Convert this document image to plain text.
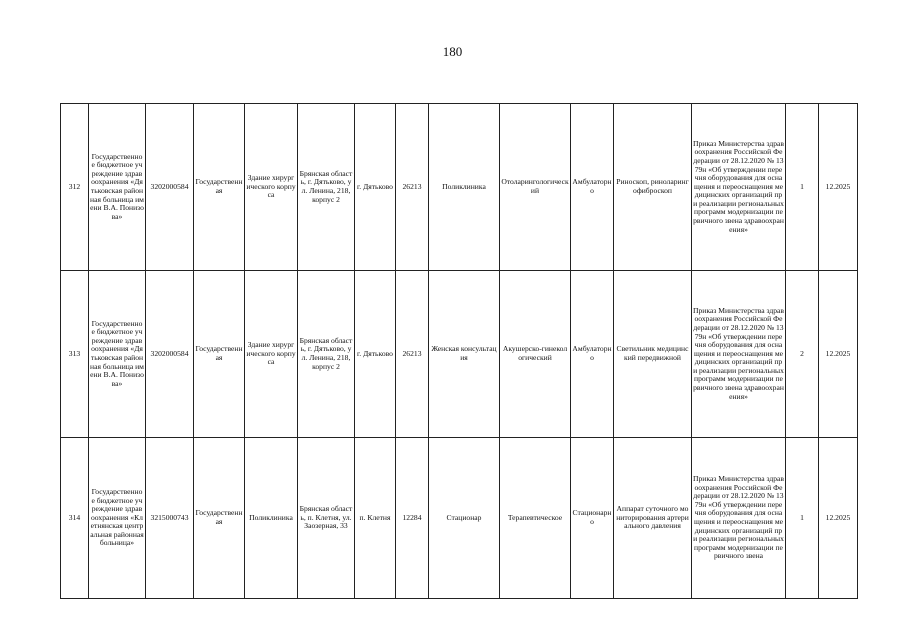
180
312	Государственное бюджетное учреждение здравоохранения «Дятьковская районная больница имени В.А. Понизова»	3202000584	Государственная	Здание хирургического корпуса	Брянская область, г. Дятьково, ул. Ленина, 218, корпус 2	г. Дятьково	26213	Поликлиника	Отоларингологический	Амбулаторно	Риноскоп, риноларингофиброскоп	Приказ Министерства здравоохранения Российской Федерации от 28.12.2020 № 1379н «Об утверждении перечня оборудования для оснащения и переоснащения медицинских организаций при реализации региональных программ модернизации первичного звена здравоохранения»	1	12.2025
313	Государственное бюджетное учреждение здравоохранения «Дятьковская районная больница имени В.А. Понизова»	3202000584	Государственная	Здание хирургического корпуса	Брянская область, г. Дятьково, ул. Ленина, 218, корпус 2	г. Дятьково	26213	Женская консультация	Акушерско-гинекологический	Амбулаторно	Светильник медицинский передвижной	Приказ Министерства здравоохранения Российской Федерации от 28.12.2020 № 1379н «Об утверждении перечня оборудования для оснащения и переоснащения медицинских организаций при реализации региональных программ модернизации первичного звена здравоохранения»	2	12.2025
314	Государственное бюджетное учреждение здравоохранения «Клетнянская центральная районная больница»	3215000743	Государственная	Поликлиника	Брянская область, п. Клетня, ул. Заозерная, 33	п. Клетня	12284	Стационар	Терапевтическое	Стационарно	Аппарат суточного мониторирования артериального давления	Приказ Министерства здравоохранения Российской Федерации от 28.12.2020 № 1379н «Об утверждении перечня оборудования для оснащения и переоснащения медицинских организаций при реализации региональных программ модернизации первичного звена	1	12.2025
